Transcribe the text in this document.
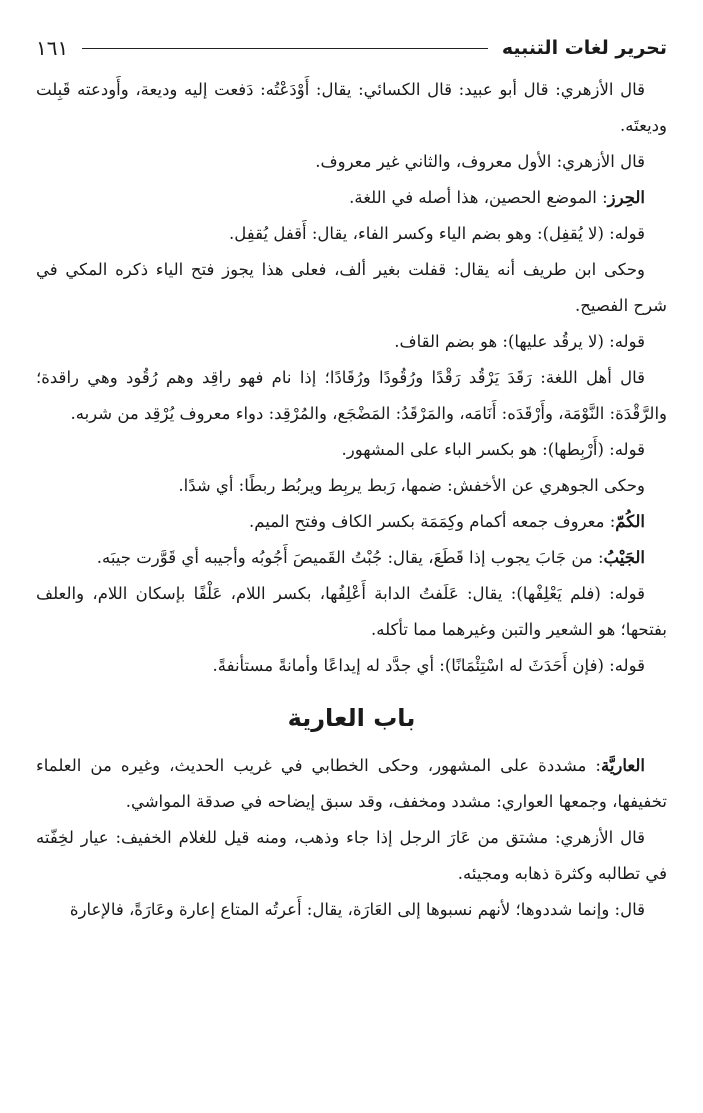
تحرير لغات التنبيه
١٦١

قال الأزهري: قال أبو عبيد: قال الكسائي: يقال: أَوْدَعْتُه: دَفعت إليه وديعة، وأَودعته قَبِلت وديعتَه.

قال الأزهري: الأول معروف، والثاني غير معروف.

الحِرز: الموضع الحصين، هذا أصله في اللغة.

قوله: (لا يُقفِل): وهو بضم الياء وكسر الفاء، يقال: أَقفل يُقفِل.

وحكى ابن طريف أنه يقال: قفلت بغير ألف، فعلى هذا يجوز فتح الياء ذكره المكي في شرح الفصيح.

قوله: (لا يرقُد عليها): هو بضم القاف.

قال أهل اللغة: رَقَدَ يَرْقُد رَقْدًا ورُقُودًا ورُقَادًا؛ إذا نام فهو راقِد وهم رُقُود وهي راقدة؛ والرَّقْدَة: النَّوْمَة، وأَرْقَدَه: أَنَامَه، والمَرْقَدُ: المَضْجَع، والمُرْقِد: دواء معروف يُرْقِد من شربه.

قوله: (أَرْبِطها): هو بكسر الباء على المشهور.

وحكى الجوهري عن الأخفش: ضمها، رَبط يربِط ويربُط ربطًا: أي شدًا.

الكُمّ: معروف جمعه أكمام وكِمَمَة بكسر الكاف وفتح الميم.

الجَيْبُ: من جَابَ يجوب إذا قَطَعَ، يقال: جُبْتُ القَميصَ أَجُوبُه وأجيبه أي قَوَّرت جيبَه.

قوله: (فلم يَعْلِفْها): يقال: عَلَفتُ الدابة أَعْلِفُها، بكسر اللام، عَلْفًا بإسكان اللام، والعلف بفتحها؛ هو الشعير والتبن وغيرهما مما تأكله.

قوله: (فإن أَحَدَثَ له اسْتِئْمَانًا): أي جدَّد له إيداعًا وأمانةً مستأنفةً.

باب العارية

العاريَّة: مشددة على المشهور، وحكى الخطابي في غريب الحديث، وغيره من العلماء تخفيفها، وجمعها العواري: مشدد ومخفف، وقد سبق إيضاحه في صدقة المواشي.

قال الأزهري: مشتق من عَارَ الرجل إذا جاء وذهب، ومنه قيل للغلام الخفيف: عيار لخِفّته في تطالبه وكثرة ذهابه ومجيئه.

قال: وإنما شددوها؛ لأنهم نسبوها إلى العَارَة، يقال: أَعرتُه المتاع إعارة وعَارَةً، فالإعارة
